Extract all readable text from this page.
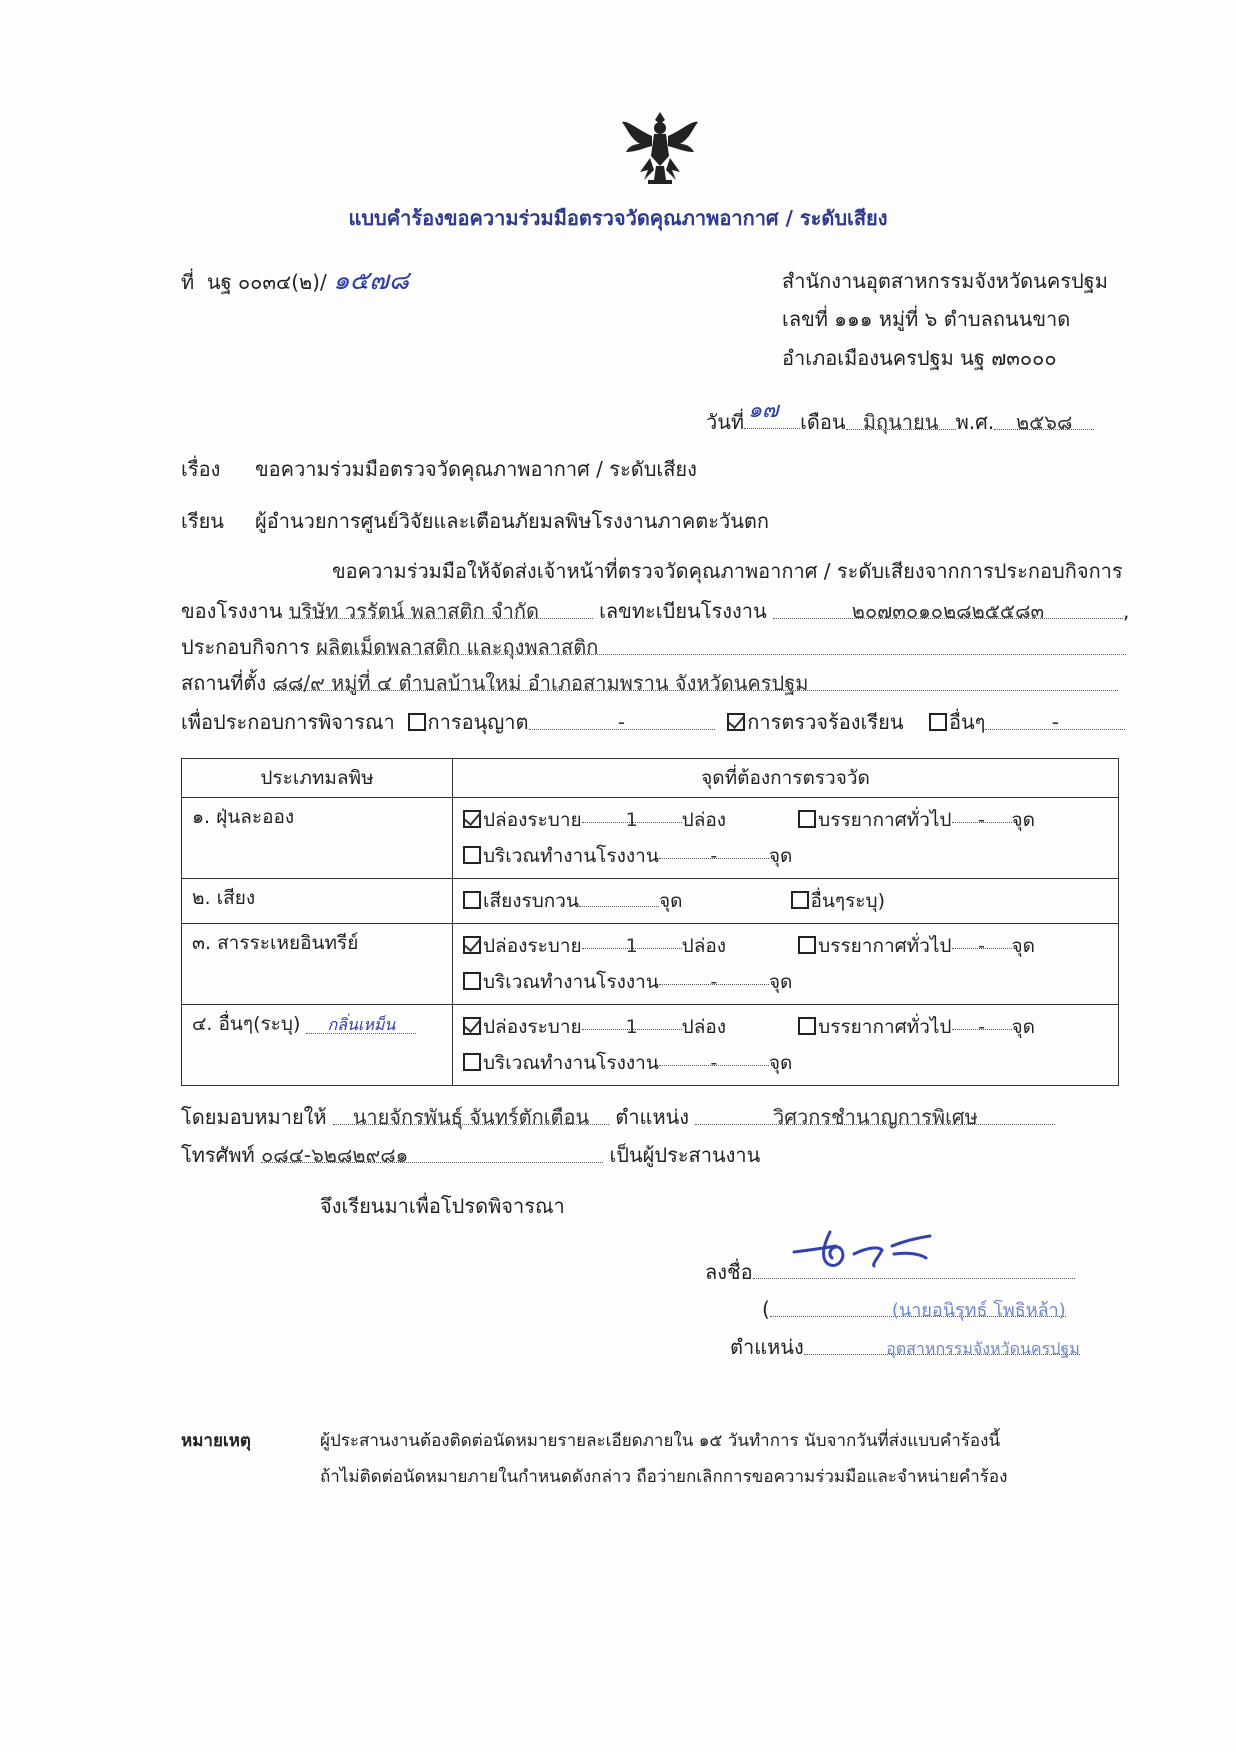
แบบคำร้องขอความร่วมมือตรวจวัดคุณภาพอากาศ / ระดับเสียง
ที่ นฐ ๐๐๓๔(๒)/ ๑๕๗๘	สำนักงานอุตสาหกรรมจังหวัดนครปฐม
เลขที่ ๑๑๑ หมู่ที่ ๖ ตำบลถนนขาด
อำเภอเมืองนครปฐม นฐ ๗๓๐๐๐
วันที่ ๑๗ เดือน มิถุนายน พ.ศ. ๒๕๖๘
เรื่อง ขอความร่วมมือตรวจวัดคุณภาพอากาศ / ระดับเสียง
เรียน ผู้อำนวยการศูนย์วิจัยและเตือนภัยมลพิษโรงงานภาคตะวันตก
ขอความร่วมมือให้จัดส่งเจ้าหน้าที่ตรวจวัดคุณภาพอากาศ / ระดับเสียงจากการประกอบกิจการ
ของโรงงาน บริษัท วรรัตน์ พลาสติก จำกัด	เลขทะเบียนโรงงาน	๒๐๗๓๐๑๐๒๘๒๕๕๘๓	,
ประกอบกิจการ ผลิตเม็ดพลาสติก และถุงพลาสติก
สถานที่ตั้ง ๘๘/๙ หมู่ที่ ๔ ตำบลบ้านใหม่ อำเภอสามพราน จังหวัดนครปฐม
เพื่อประกอบการพิจารณา การอนุญาต	-	การตรวจร้องเรียน อื่นๆ	-
ประเภทมลพิษ	จุดที่ต้องการตรวจวัด
๑. ฝุ่นละออง	ปล่องระบาย 1 ปล่อง บรรยากาศทั่วไป - จุด
บริเวณทำงานโรงงาน - จุด

๒. เสียง	เสียงรบกวน จุด อื่นๆระบุ)

๓. สารระเหยอินทรีย์	ปล่องระบาย 1 ปล่อง บรรยากาศทั่วไป - จุด
บริเวณทำงานโรงงาน - จุด

๔. อื่นๆ(ระบุ) กลิ่นเหม็น	ปล่องระบาย 1 ปล่อง บรรยากาศทั่วไป - จุด
บริเวณทำงานโรงงาน - จุด
โดยมอบหมายให้ นายจักรพันธุ์ จันทร์ตักเตือน ตำแหน่ง	วิศวกรชำนาญการพิเศษ
โทรศัพท์ ๐๘๔-๖๒๘๒๙๘๑	เป็นผู้ประสานงาน
จึงเรียนมาเพื่อโปรดพิจารณา
ลงชื่อ
(	(นายอนิรุทธ์ โพธิหล้า)
ตำแหน่ง	อุตสาหกรรมจังหวัดนครปฐม
หมายเหตุ	ผู้ประสานงานต้องติดต่อนัดหมายรายละเอียดภายใน ๑๕ วันทำการ นับจากวันที่ส่งแบบคำร้องนี้
ถ้าไม่ติดต่อนัดหมายภายในกำหนดดังกล่าว ถือว่ายกเลิกการขอความร่วมมือและจำหน่ายคำร้อง
